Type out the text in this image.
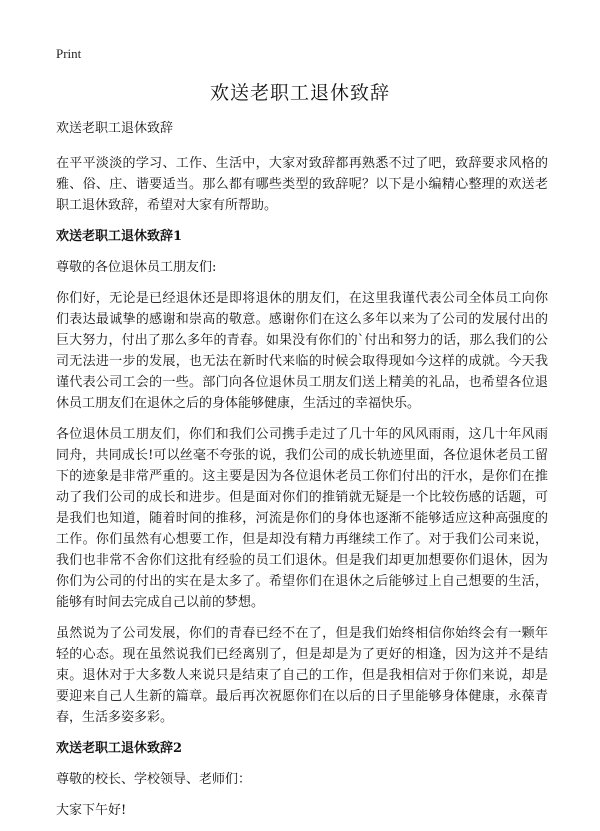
Print
欢送老职工退休致辞

欢送老职工退休致辞

在平平淡淡的学习、工作、生活中，大家对致辞都再熟悉不过了吧，致辞要求风格的雅、俗、庄、谐要适当。那么都有哪些类型的致辞呢？以下是小编精心整理的欢送老职工退休致辞，希望对大家有所帮助。

欢送老职工退休致辞1

尊敬的各位退休员工朋友们:

你们好，无论是已经退休还是即将退休的朋友们，在这里我谨代表公司全体员工向你们表达最诚挚的感谢和崇高的敬意。感谢你们在这么多年以来为了公司的发展付出的巨大努力，付出了那么多年的青春。如果没有你们的`付出和努力的话，那么我们的公司无法进一步的发展，也无法在新时代来临的时候会取得现如今这样的成就。今天我谨代表公司工会的一些。部门向各位退休员工朋友们送上精美的礼品，也希望各位退休员工朋友们在退休之后的身体能够健康，生活过的幸福快乐。

各位退休员工朋友们，你们和我们公司携手走过了几十年的风风雨雨，这几十年风雨同舟，共同成长!可以丝毫不夸张的说，我们公司的成长轨迹里面，各位退休老员工留下的迹象是非常严重的。这主要是因为各位退休老员工你们付出的汗水，是你们在推动了我们公司的成长和进步。但是面对你们的推销就无疑是一个比较伤感的话题，可是我们也知道，随着时间的推移，河流是你们的身体也逐渐不能够适应这种高强度的工作。你们虽然有心想要工作，但是却没有精力再继续工作了。对于我们公司来说，我们也非常不舍你们这批有经验的员工们退休。但是我们却更加想要你们退休，因为你们为公司的付出的实在是太多了。希望你们在退休之后能够过上自己想要的生活，能够有时间去完成自己以前的梦想。

虽然说为了公司发展，你们的青春已经不在了，但是我们始终相信你始终会有一颗年轻的心态。现在虽然说我们已经离别了，但是却是为了更好的相逢，因为这并不是结束。退休对于大多数人来说只是结束了自己的工作，但是我相信对于你们来说，却是要迎来自己人生新的篇章。最后再次祝愿你们在以后的日子里能够身体健康，永葆青春，生活多姿多彩。

欢送老职工退休致辞2

尊敬的校长、学校领导、老师们：

大家下午好!
